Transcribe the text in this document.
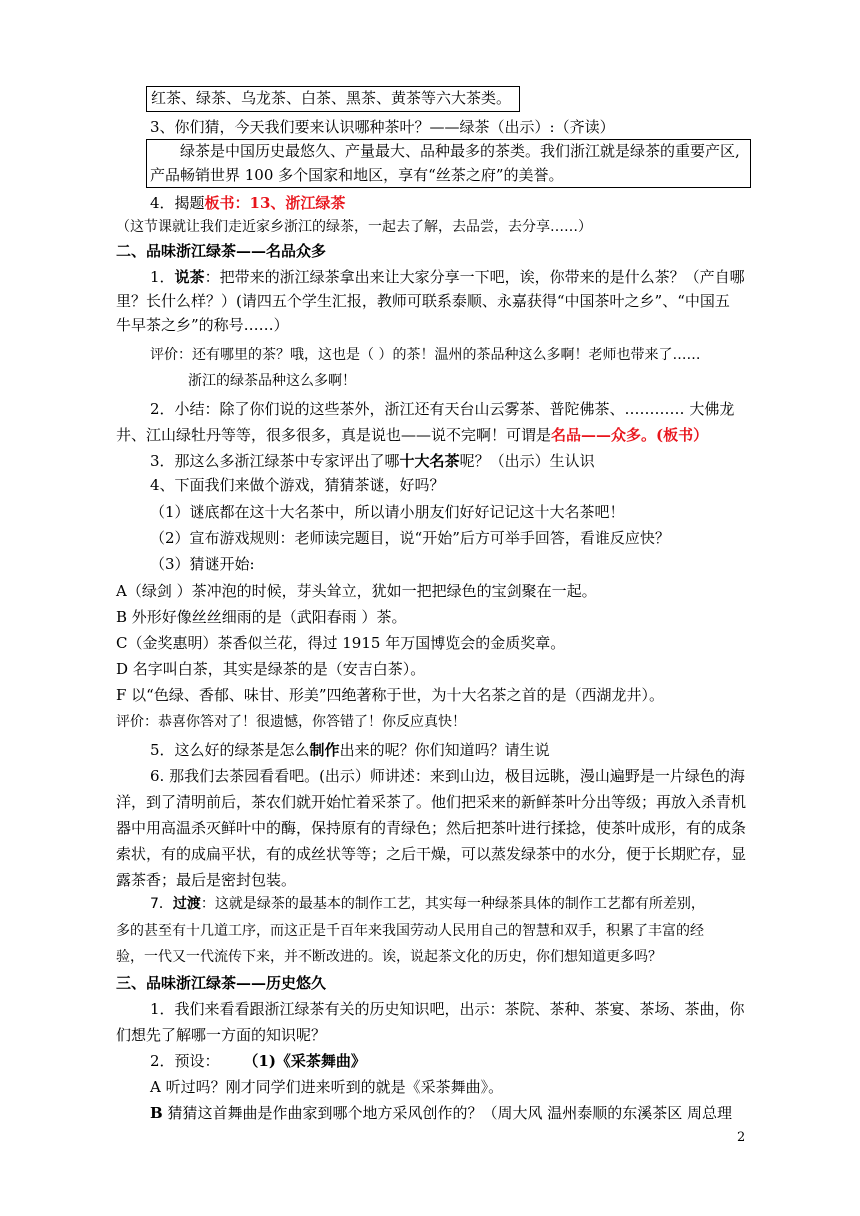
红茶、绿茶、乌龙茶、白茶、黑茶、黄茶等六大茶类。
3、你们猜，今天我们要来认识哪种茶叶？——绿茶（出示）:（齐读）
绿茶是中国历史最悠久、产量最大、品种最多的茶类。我们浙江就是绿茶的重要产区,
产品畅销世界 100 多个国家和地区，享有“丝茶之府”的美誉。
4．揭题板书：13、浙江绿茶
（这节课就让我们走近家乡浙江的绿茶，一起去了解，去品尝，去分享……）
二、品味浙江绿茶——名品众多
1．说茶：把带来的浙江绿茶拿出来让大家分享一下吧，诶，你带来的是什么茶？（产自哪
里？长什么样？）(请四五个学生汇报，教师可联系泰顺、永嘉获得“中国茶叶之乡”、“中国五
牛早茶之乡”的称号……）
评价：还有哪里的茶？哦，这也是（ ）的茶！温州的茶品种这么多啊！老师也带来了……
浙江的绿茶品种这么多啊！
2．小结：除了你们说的这些茶外，浙江还有天台山云雾茶、普陀佛茶、………… 大佛龙
井、江山绿牡丹等等，很多很多，真是说也——说不完啊！可谓是名品——众多。(板书）
3．那这么多浙江绿茶中专家评出了哪十大名茶呢？（出示）生认识
4、下面我们来做个游戏，猜猜茶谜，好吗？
（1）谜底都在这十大名茶中，所以请小朋友们好好记记这十大名茶吧！
（2）宣布游戏规则：老师读完题目，说“开始”后方可举手回答，看谁反应快？
（3）猜谜开始:
A（绿剑 ）茶冲泡的时候，芽头耸立，犹如一把把绿色的宝剑聚在一起。
B 外形好像丝丝细雨的是（武阳春雨 ）茶。
C（金奖惠明）茶香似兰花，得过 1915 年万国博览会的金质奖章。
D 名字叫白茶，其实是绿茶的是（安吉白茶）。
F 以“色绿、香郁、味甘、形美”四绝著称于世，为十大名茶之首的是（西湖龙井）。
评价：恭喜你答对了！很遗憾，你答错了！你反应真快！
5．这么好的绿茶是怎么制作出来的呢？你们知道吗？请生说
6. 那我们去茶园看看吧。(出示）师讲述：来到山边，极目远眺，漫山遍野是一片绿色的海
洋，到了清明前后，茶农们就开始忙着采茶了。他们把采来的新鲜茶叶分出等级；再放入杀青机
器中用高温杀灭鲜叶中的酶，保持原有的青绿色；然后把茶叶进行揉捻，使茶叶成形，有的成条
索状，有的成扁平状，有的成丝状等等；之后干燥，可以蒸发绿茶中的水分，便于长期贮存，显
露茶香；最后是密封包装。
7．过渡：这就是绿茶的最基本的制作工艺，其实每一种绿茶具体的制作工艺都有所差别，
多的甚至有十几道工序，而这正是千百年来我国劳动人民用自己的智慧和双手，积累了丰富的经
验，一代又一代流传下来，并不断改进的。诶，说起茶文化的历史，你们想知道更多吗？
三、品味浙江绿茶——历史悠久
1．我们来看看跟浙江绿茶有关的历史知识吧，出示：茶院、茶种、茶宴、茶场、茶曲，你
们想先了解哪一方面的知识呢？
2．预设： （1)《采茶舞曲》
A 听过吗？刚才同学们进来听到的就是《采茶舞曲》。
B 猜猜这首舞曲是作曲家到哪个地方采风创作的？（周大风 温州泰顺的东溪茶区 周总理
2
